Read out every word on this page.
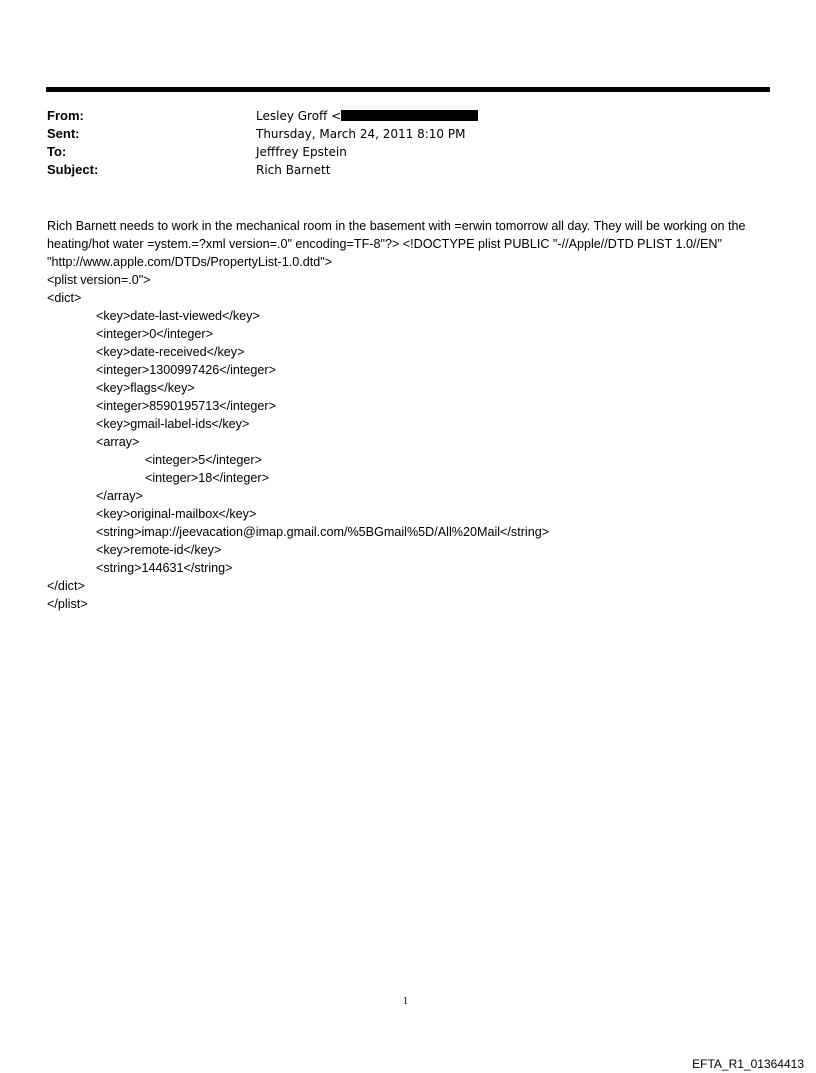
From:	Lesley Groff <
Sent:	Thursday, March 24, 2011 8:10 PM
To:	Jefffrey Epstein
Subject:	Rich Barnett

Rich Barnett needs to work in the mechanical room in the basement with =erwin tomorrow all day. They will be working on the heating/hot water =ystem.=?xml version=.0" encoding=TF-8"?> <!DOCTYPE plist PUBLIC "-//Apple//DTD PLIST 1.0//EN" "http://www.apple.com/DTDs/PropertyList-1.0.dtd">

<plist version=.0">
<dict>
<key>date-last-viewed</key>
<integer>0</integer>
<key>date-received</key>
<integer>1300997426</integer>
<key>flags</key>
<integer>8590195713</integer>
<key>gmail-label-ids</key>
<array>
<integer>5</integer>
<integer>18</integer>
</array>
<key>original-mailbox</key>
<string>imap://jeevacation@imap.gmail.com/%5BGmail%5D/All%20Mail</string>
<key>remote-id</key>
<string>144631</string>
</dict>
</plist>
1
EFTA_R1_01364413
